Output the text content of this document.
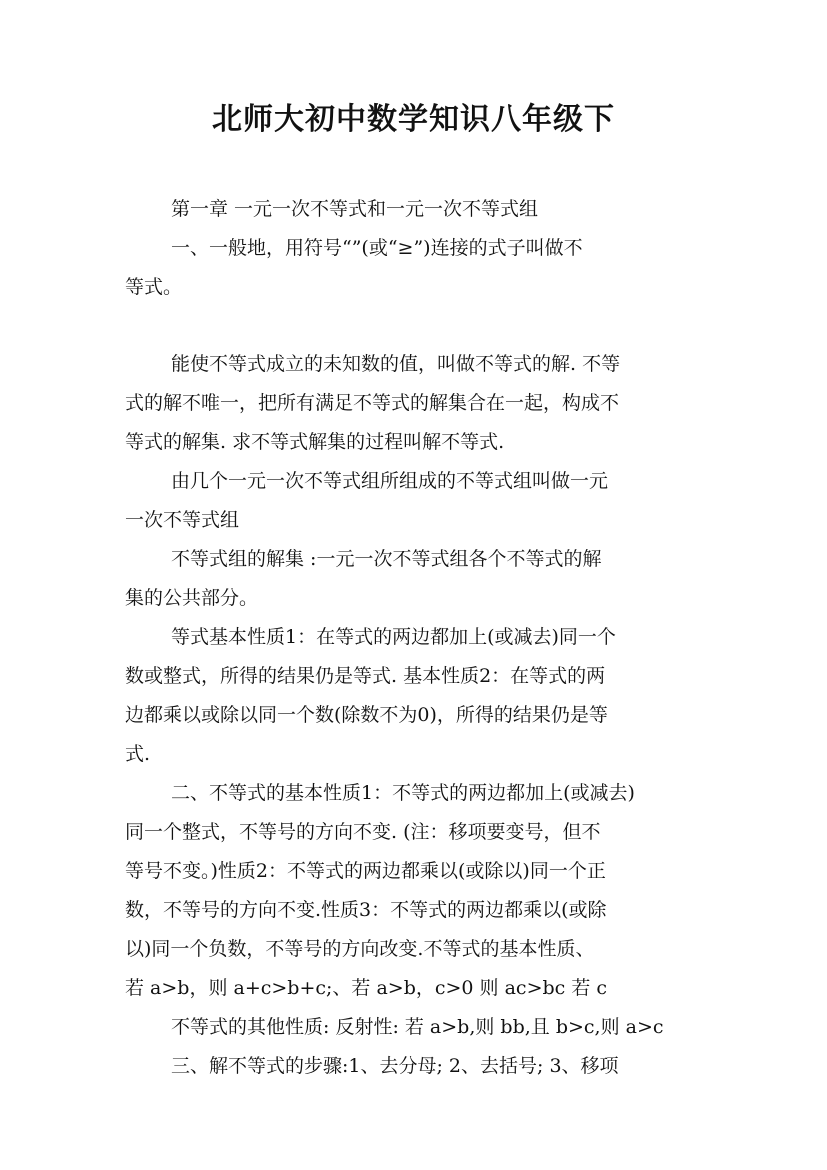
北师大初中数学知识八年级下
第一章 一元一次不等式和一元一次不等式组
一、一般地，用符号“”(或“≥”)连接的式子叫做不
等式。
能使不等式成立的未知数的值，叫做不等式的解. 不等
式的解不唯一，把所有满足不等式的解集合在一起，构成不
等式的解集. 求不等式解集的过程叫解不等式.
由几个一元一次不等式组所组成的不等式组叫做一元
一次不等式组
不等式组的解集 :一元一次不等式组各个不等式的解
集的公共部分。
等式基本性质1：在等式的两边都加上(或减去)同一个
数或整式，所得的结果仍是等式. 基本性质2：在等式的两
边都乘以或除以同一个数(除数不为0)，所得的结果仍是等
式.
二、不等式的基本性质1：不等式的两边都加上(或减去)
同一个整式，不等号的方向不变. (注：移项要变号，但不
等号不变。)性质2：不等式的两边都乘以(或除以)同一个正
数，不等号的方向不变.性质3：不等式的两边都乘以(或除
以)同一个负数，不等号的方向改变.不等式的基本性质、
若 a>b，则 a+c>b+c;、若 a>b，c>0 则 ac>bc 若 c
不等式的其他性质: 反射性: 若 a>b,则 bb,且 b>c,则 a>c
三、解不等式的步骤:1、去分母; 2、去括号; 3、移项
